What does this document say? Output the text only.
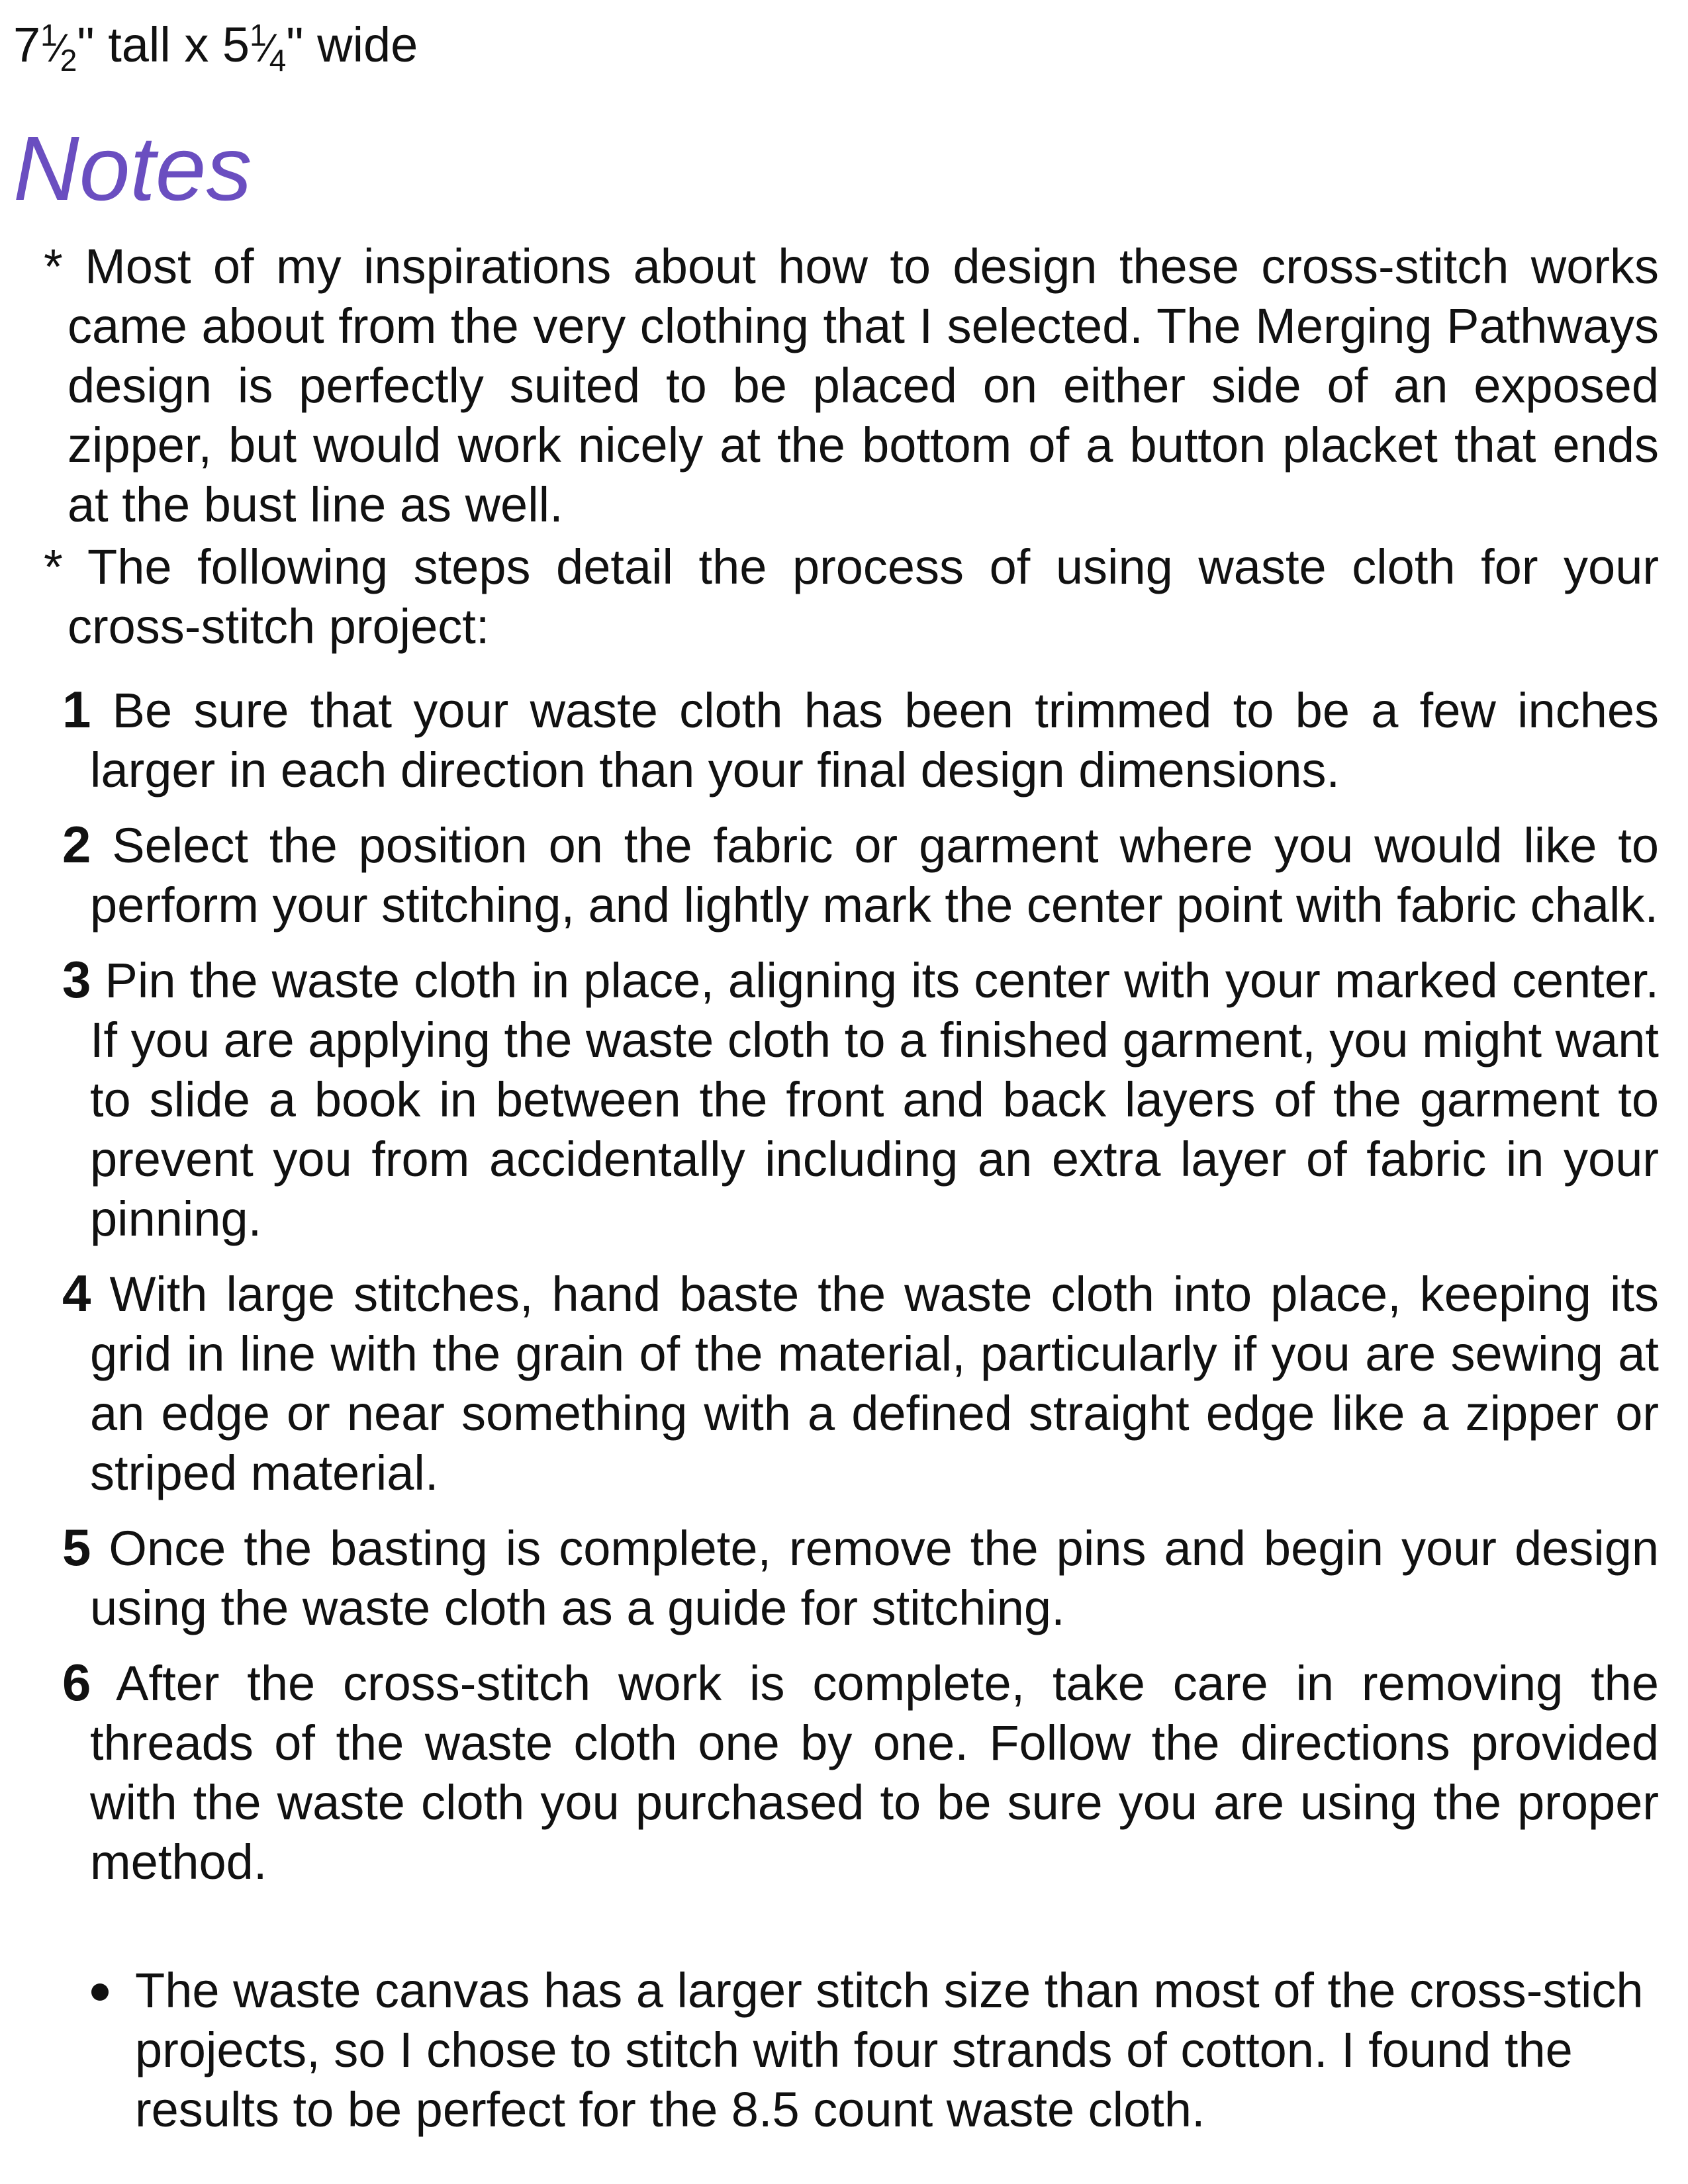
$7^1⁄_2$" tall x $5^1⁄_4$" wide
Notes

* Most of my inspirations about how to design these cross-stitch works came about from the very clothing that I selected. The Merging Pathways design is perfectly suited to be placed on either side of an exposed zipper, but would work nicely at the bottom of a button placket that ends at the bust line as well.

* The following steps detail the process of using waste cloth for your cross-stitch project:

1 Be sure that your waste cloth has been trimmed to be a few inches larger in each direction than your final design dimensions.

2 Select the position on the fabric or garment where you would like to perform your stitching, and lightly mark the center point with fabric chalk.

3 Pin the waste cloth in place, aligning its center with your marked center. If you are applying the waste cloth to a finished garment, you might want to slide a book in between the front and back layers of the garment to prevent you from accidentally including an extra layer of fabric in your pinning.

4 With large stitches, hand baste the waste cloth into place, keeping its grid in line with the grain of the material, particularly if you are sewing at an edge or near something with a defined straight edge like a zipper or striped material.

5 Once the basting is complete, remove the pins and begin your design using the waste cloth as a guide for stitching.

6 After the cross-stitch work is complete, take care in removing the threads of the waste cloth one by one. Follow the directions provided with the waste cloth you purchased to be sure you are using the proper method.

The waste canvas has a larger stitch size than most of the cross-stich projects, so I chose to stitch with four strands of cotton. I found the results to be perfect for the 8.5 count waste cloth.
